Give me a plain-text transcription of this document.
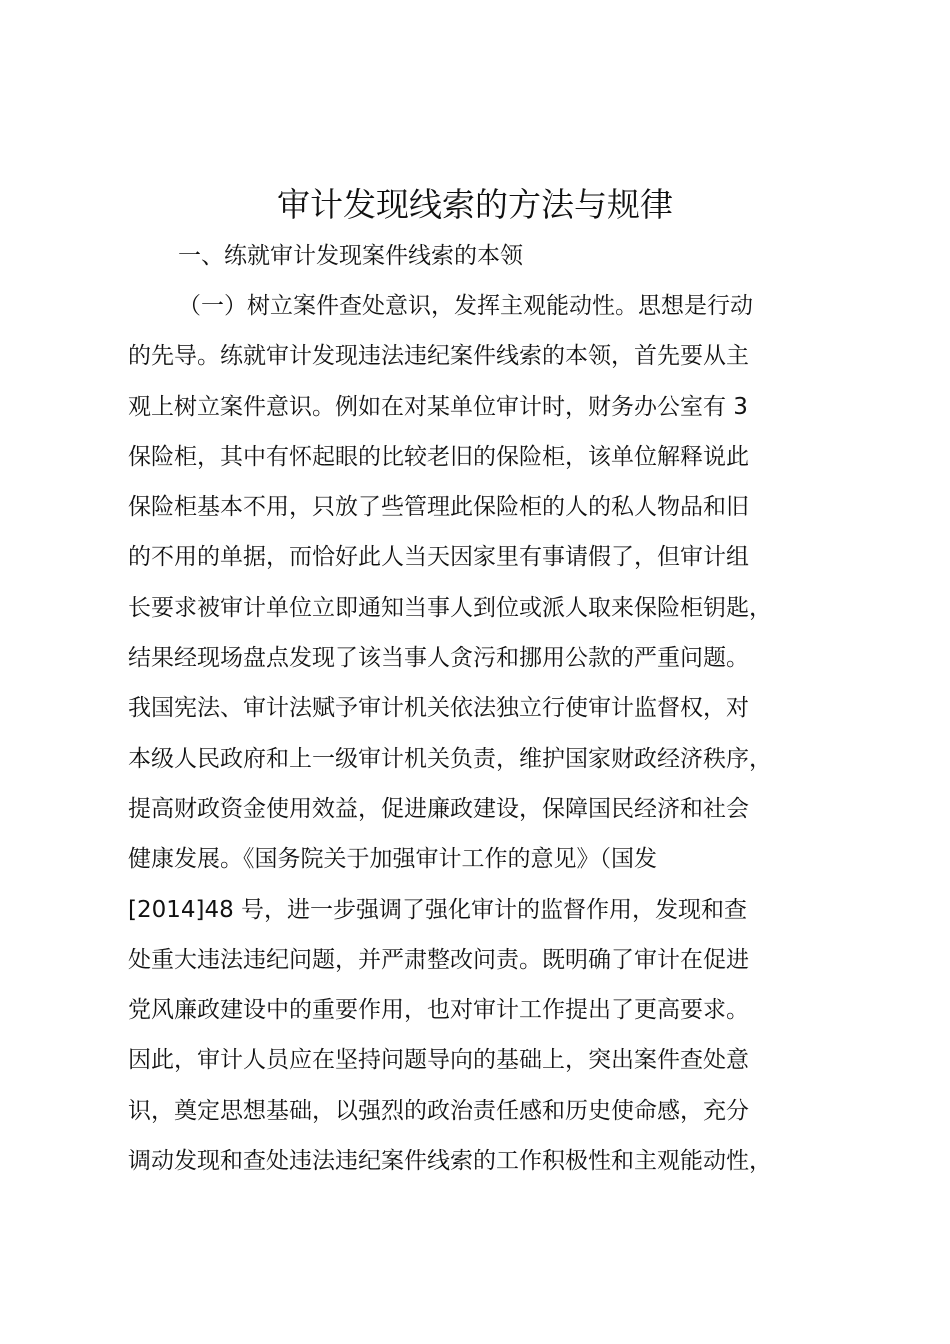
审计发现线索的方法与规律

一、练就审计发现案件线索的本领

（一）树立案件查处意识，发挥主观能动性。思想是行动
的先导。练就审计发现违法违纪案件线索的本领，首先要从主
观上树立案件意识。例如在对某单位审计时，财务办公室有 3
保险柜，其中有怀起眼的比较老旧的保险柜，该单位解释说此
保险柜基本不用，只放了些管理此保险柜的人的私人物品和旧
的不用的单据，而恰好此人当天因家里有事请假了，但审计组
长要求被审计单位立即通知当事人到位或派人取来保险柜钥匙，
结果经现场盘点发现了该当事人贪污和挪用公款的严重问题。
我国宪法、审计法赋予审计机关依法独立行使审计监督权，对
本级人民政府和上一级审计机关负责，维护国家财政经济秩序，
提高财政资金使用效益，促进廉政建设，保障国民经济和社会
健康发展。《国务院关于加强审计工作的意见》（国发
[2014]48 号，进一步强调了强化审计的监督作用，发现和查
处重大违法违纪问题，并严肃整改问责。既明确了审计在促进
党风廉政建设中的重要作用，也对审计工作提出了更高要求。
因此，审计人员应在坚持问题导向的基础上，突出案件查处意
识，奠定思想基础，以强烈的政治责任感和历史使命感，充分
调动发现和查处违法违纪案件线索的工作积极性和主观能动性，
